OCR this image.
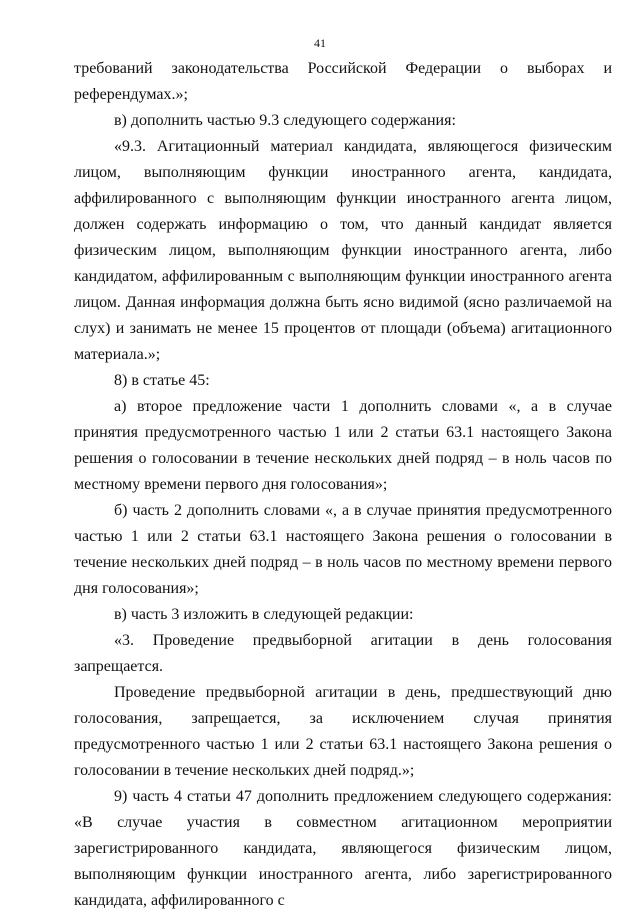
41

требований законодательства Российской Федерации о выборах и референдумах.»;

в) дополнить частью 9.3 следующего содержания:

«9.3. Агитационный материал кандидата, являющегося физическим лицом, выполняющим функции иностранного агента, кандидата, аффилированного с выполняющим функции иностранного агента лицом, должен содержать информацию о том, что данный кандидат является физическим лицом, выполняющим функции иностранного агента, либо кандидатом, аффилированным с выполняющим функции иностранного агента лицом. Данная информация должна быть ясно видимой (ясно различаемой на слух) и занимать не менее 15 процентов от площади (объема) агитационного материала.»;

8) в статье 45:

а) второе предложение части 1 дополнить словами «, а в случае принятия предусмотренного частью 1 или 2 статьи 63.1 настоящего Закона решения о голосовании в течение нескольких дней подряд – в ноль часов по местному времени первого дня голосования»;

б) часть 2 дополнить словами «, а в случае принятия предусмотренного частью 1 или 2 статьи 63.1 настоящего Закона решения о голосовании в течение нескольких дней подряд – в ноль часов по местному времени первого дня голосования»;

в) часть 3 изложить в следующей редакции:

«3. Проведение предвыборной агитации в день голосования запрещается.

Проведение предвыборной агитации в день, предшествующий дню голосования, запрещается, за исключением случая принятия предусмотренного частью 1 или 2 статьи 63.1 настоящего Закона решения о голосовании в течение нескольких дней подряд.»;

9) часть 4 статьи 47 дополнить предложением следующего содержания: «В случае участия в совместном агитационном мероприятии зарегистрированного кандидата, являющегося физическим лицом, выполняющим функции иностранного агента, либо зарегистрированного кандидата, аффилированного с
